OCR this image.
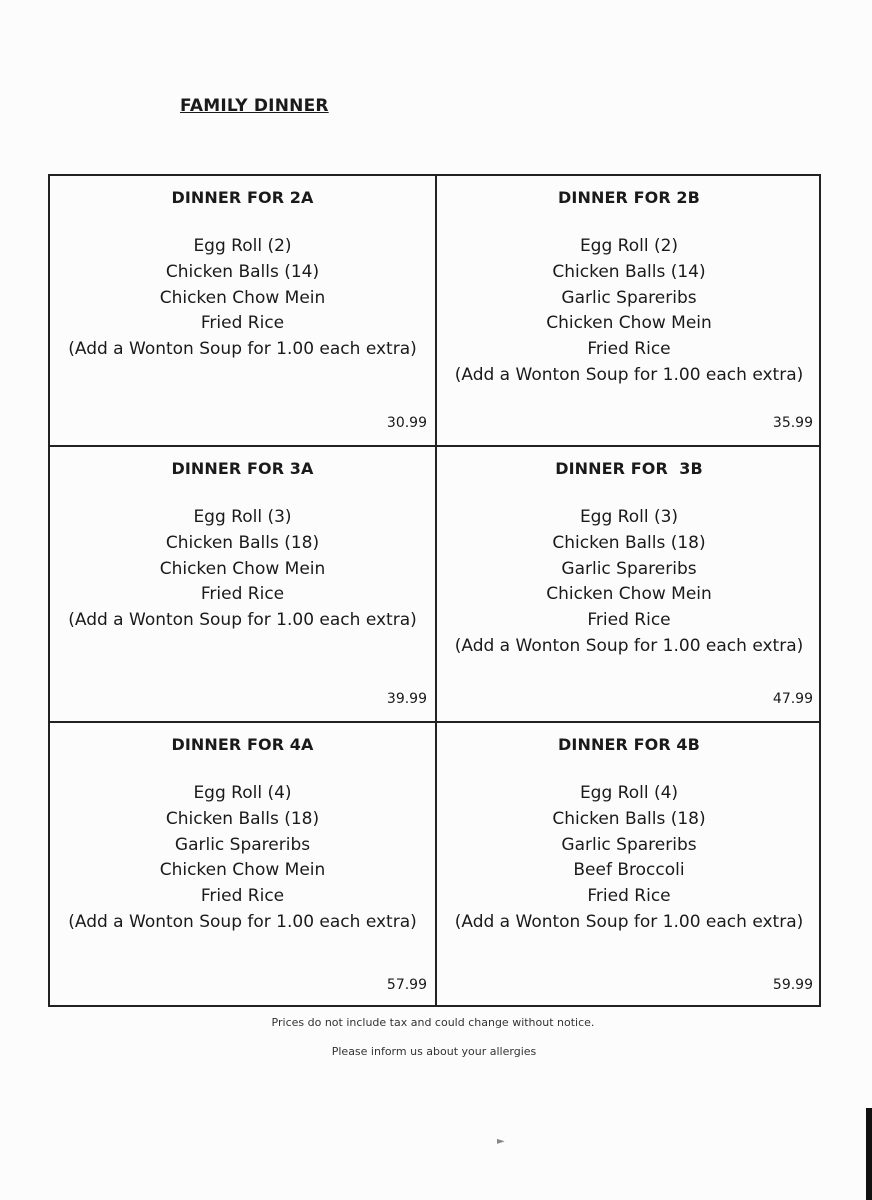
FAMILY DINNER
DINNER FOR 2A
Egg Roll (2)
Chicken Balls (14)
Chicken Chow Mein
Fried Rice
(Add a Wonton Soup for 1.00 each extra)
30.99
DINNER FOR 2B
Egg Roll (2)
Chicken Balls (14)
Garlic Spareribs
Chicken Chow Mein
Fried Rice
(Add a Wonton Soup for 1.00 each extra)
35.99
DINNER FOR 3A
Egg Roll (3)
Chicken Balls (18)
Chicken Chow Mein
Fried Rice
(Add a Wonton Soup for 1.00 each extra)
39.99
DINNER FOR  3B
Egg Roll (3)
Chicken Balls (18)
Garlic Spareribs
Chicken Chow Mein
Fried Rice
(Add a Wonton Soup for 1.00 each extra)
47.99
DINNER FOR 4A
Egg Roll (4)
Chicken Balls (18)
Garlic Spareribs
Chicken Chow Mein
Fried Rice
(Add a Wonton Soup for 1.00 each extra)
57.99
DINNER FOR 4B
Egg Roll (4)
Chicken Balls (18)
Garlic Spareribs
Beef Broccoli
Fried Rice
(Add a Wonton Soup for 1.00 each extra)
59.99
Prices do not include tax and could change without notice.
Please inform us about your allergies
►
